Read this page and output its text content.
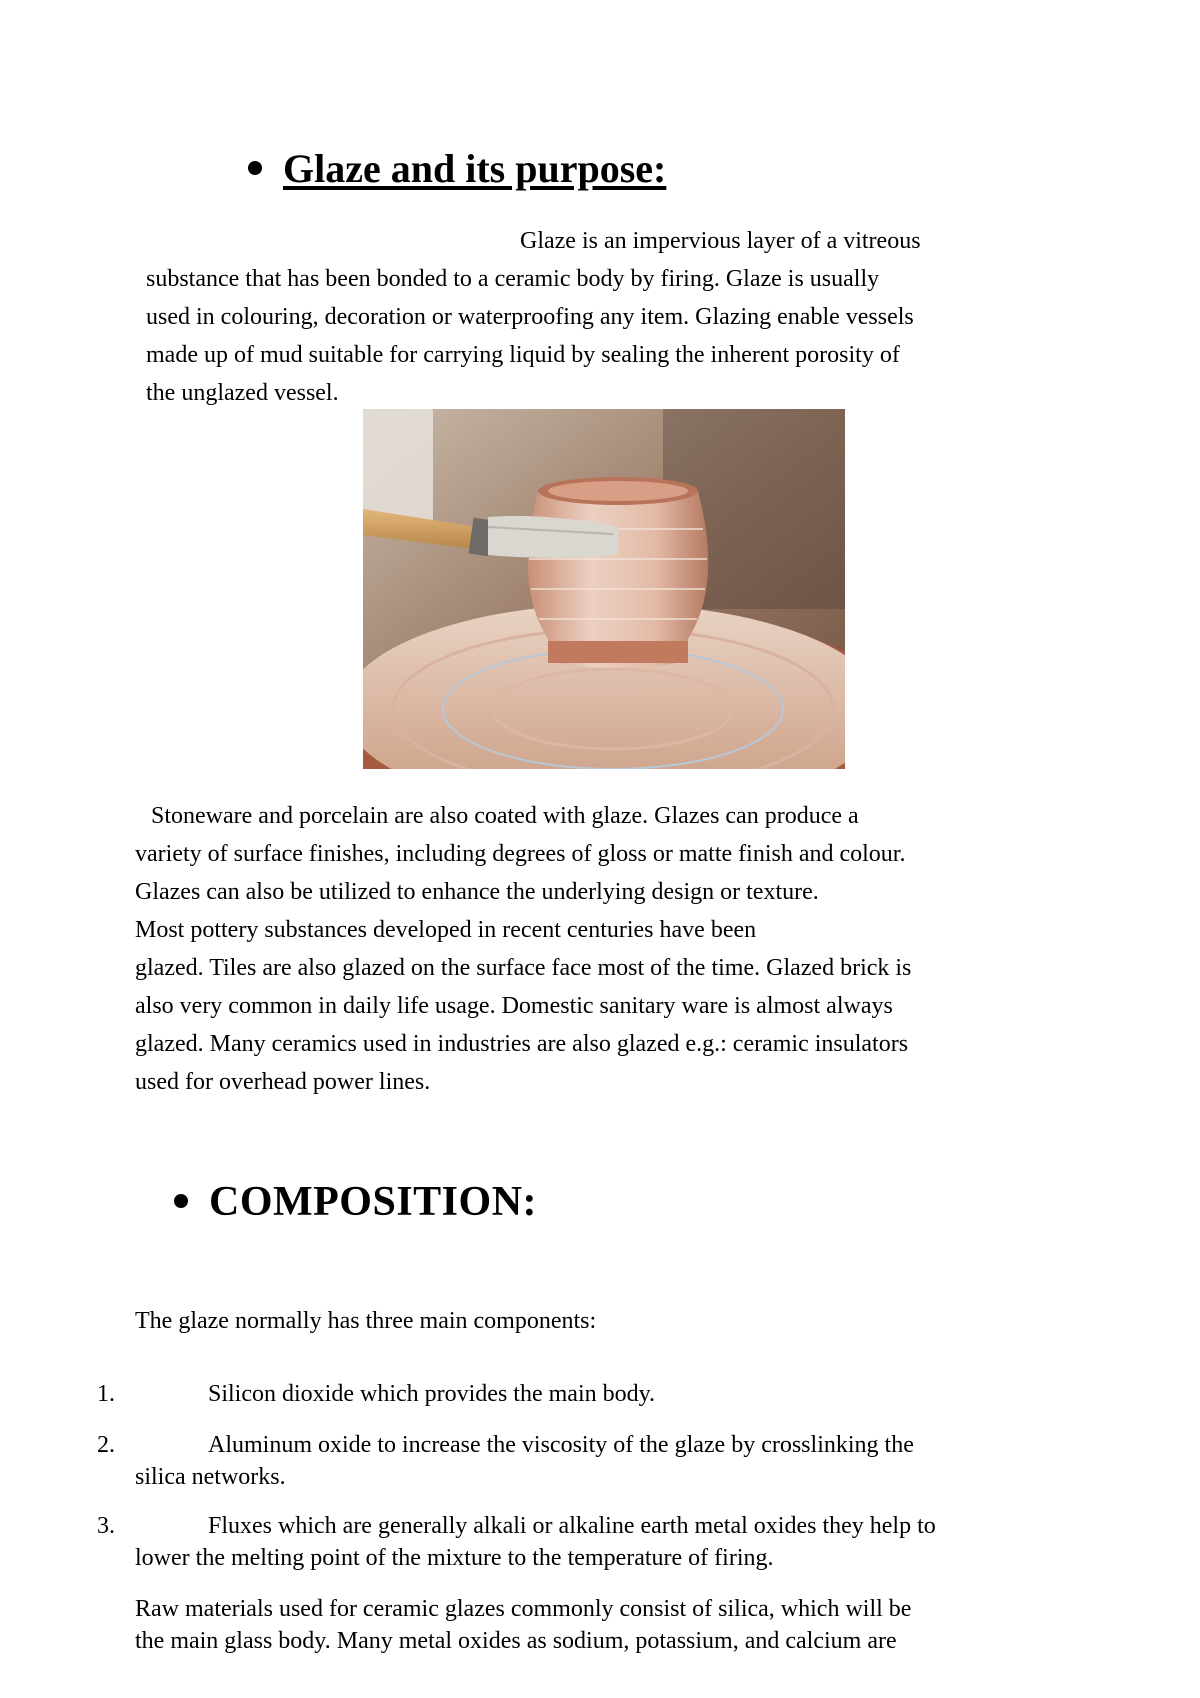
Glaze and its purpose:
Glaze is an impervious layer of a vitreous
substance that has been bonded to a ceramic body by firing. Glaze is usually
used in colouring, decoration or waterproofing any item. Glazing enable vessels
made up of mud suitable for carrying liquid by sealing the inherent porosity of
the unglazed vessel.
Stoneware and porcelain are also coated with glaze. Glazes can produce a
variety of surface finishes, including degrees of gloss or matte finish and colour.
Glazes can also be utilized to enhance the underlying design or texture.
Most pottery substances developed in recent centuries have been
glazed. Tiles are also glazed on the surface face most of the time. Glazed brick is
also very common in daily life usage. Domestic sanitary ware is almost always
glazed. Many ceramics used in industries are also glazed e.g.: ceramic insulators
used for overhead power lines.
COMPOSITION:
The glaze normally has three main components:
1.	Silicon dioxide which provides the main body.
2.	Aluminum oxide to increase the viscosity of the glaze by crosslinking the
silica networks.
3.	Fluxes which are generally alkali or alkaline earth metal oxides they help to
lower the melting point of the mixture to the temperature of firing.
Raw materials used for ceramic glazes commonly consist of silica, which will be
the main glass body. Many metal oxides as sodium, potassium, and calcium are
